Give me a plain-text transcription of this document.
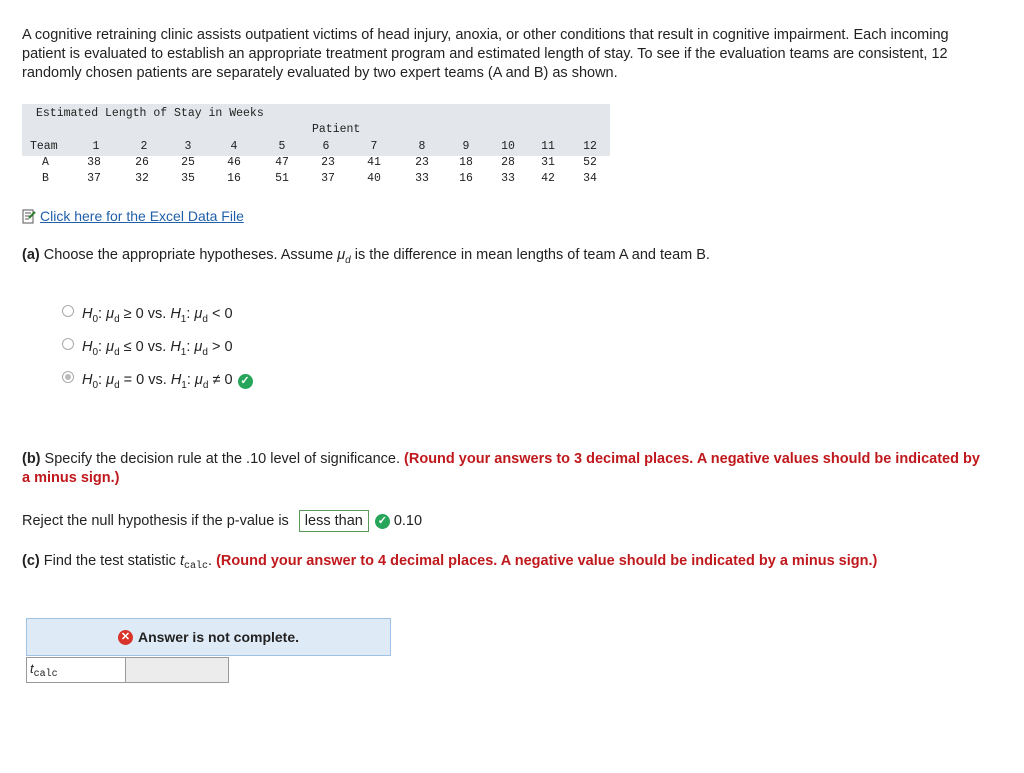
A cognitive retraining clinic assists outpatient victims of head injury, anoxia, or other conditions that result in cognitive impairment. Each incoming patient is evaluated to establish an appropriate treatment program and estimated length of stay. To see if the evaluation teams are consistent, 12 randomly chosen patients are separately evaluated by two expert teams (A and B) as shown.
Estimated Length of Stay in Weeks
Patient
Team	1	2	3	4	5	6	7	8	9	10	11	12
A	38	26	25	46	47	23	41	23	18	28	31	52
B	37	32	35	16	51	37	40	33	16	33	42	34
Click here for the Excel Data File
(a) Choose the appropriate hypotheses. Assume $\mu_d$ is the difference in mean lengths of team A and team B.
$H_0$: $\mu_d \ge 0$ vs. $H_1$: $\mu_d < 0$
$H_0$: $\mu_d \le 0$ vs. $H_1$: $\mu_d > 0$
$H_0$: $\mu_d = 0$ vs. $H_1$: $\mu_d \ne 0$ ✓
(b) Specify the decision rule at the .10 level of significance. (Round your answers to 3 decimal places. A negative values should be indicated by a minus sign.)
Reject the null hypothesis if the p-value is	less than	✓ 0.10
(c) Find the test statistic $t_{calc}$. (Round your answer to 4 decimal places. A negative value should be indicated by a minus sign.)
✕ Answer is not complete.
$t_{calc}$
